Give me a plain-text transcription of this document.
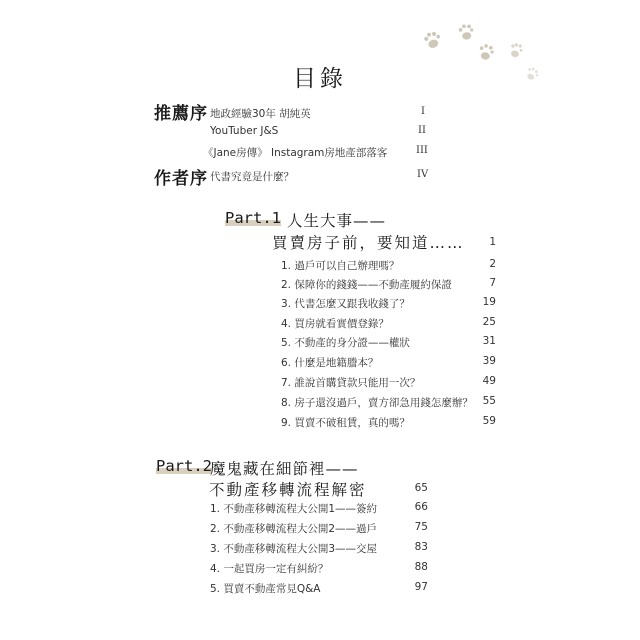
目錄
推薦序 地政經驗30年 胡純英	I
YouTuber J&S	II
《Jane房傳》 Instagram房地產部落客	III
作者序 代書究竟是什麼？	IV
Part.1 人生大事——
買賣房子前，要知道……	1
1. 過戶可以自己辦理嗎？	2
2. 保障你的錢錢——不動產履約保證	7
3. 代書怎麼又跟我收錢了？	19
4. 買房就看實價登錄？	25
5. 不動產的身分證——權狀	31
6. 什麼是地籍謄本？	39
7. 誰說首購貸款只能用一次？	49
8. 房子還沒過戶，賣方卻急用錢怎麼辦？ 55
9. 買賣不破租賃，真的嗎？	59
Part.2
魔鬼藏在細節裡——
不動產移轉流程解密	65
1. 不動產移轉流程大公開1——簽約	66
2. 不動產移轉流程大公開2——過戶	75
3. 不動產移轉流程大公開3——交屋	83
4. 一起買房一定有糾紛？	88
5. 買賣不動產常見Q&A	97
